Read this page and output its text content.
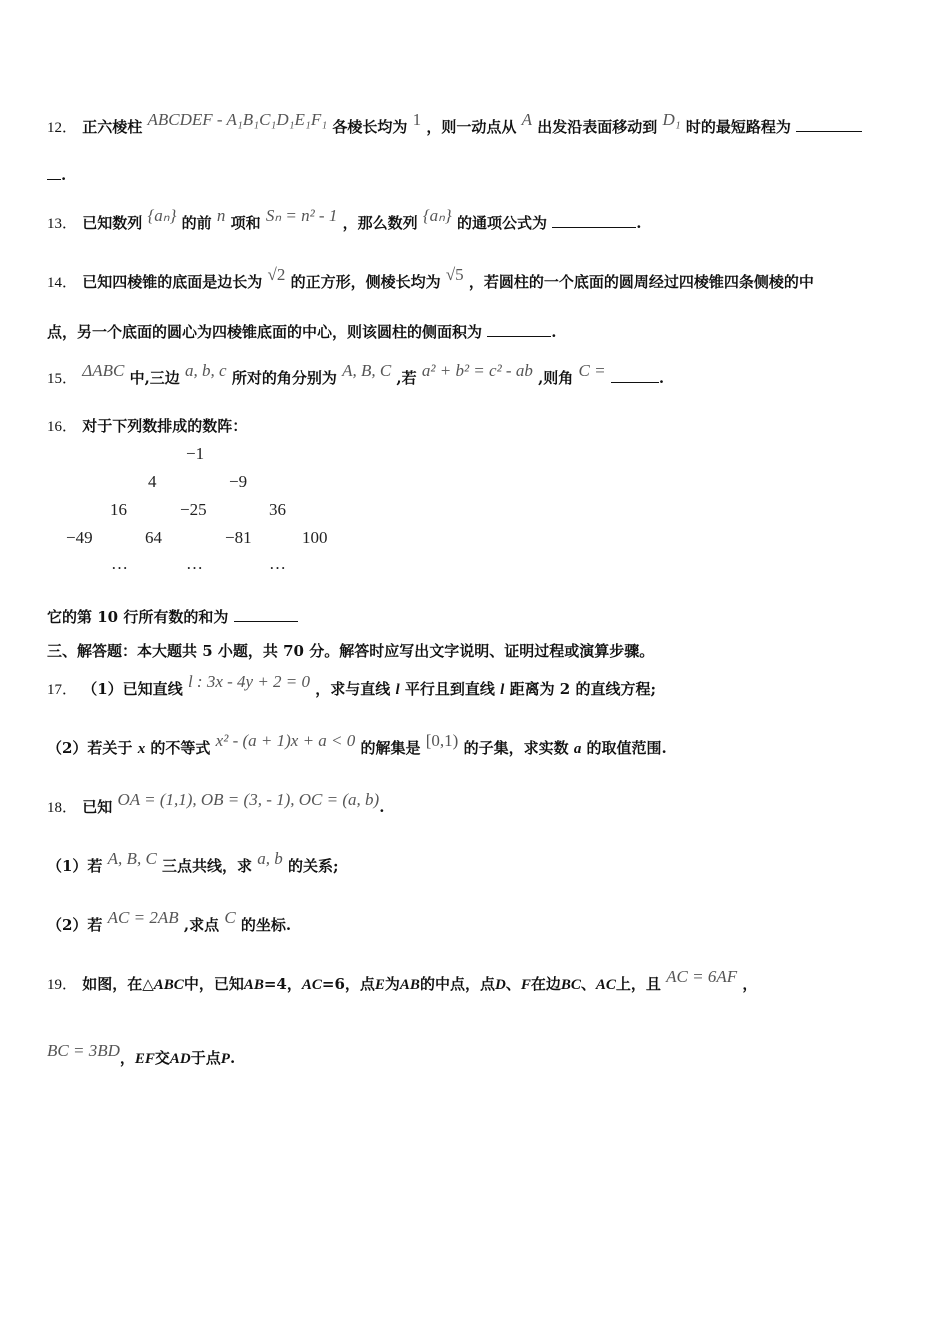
12． 正六棱柱 ABCDEF - A₁B₁C₁D₁E₁F₁ 各棱长均为 1 ，则一动点从 A 出发沿表面移动到 D₁ 时的最短路程为
.
13． 已知数列 {aₙ} 的前 n 项和 Sₙ = n² - 1 ，那么数列 {aₙ} 的通项公式为	.
14． 已知四棱锥的底面是边长为 √2 的正方形，侧棱长均为 √5 ，若圆柱的一个底面的圆周经过四棱锥四条侧棱的中
点，另一个底面的圆心为四棱锥底面的中心，则该圆柱的侧面积为	.
15． ΔABC 中,三边 a, b, c 所对的角分别为 A, B, C ,若 a² + b² = c² - ab ,则角 C =	.
16． 对于下列数排成的数阵：
−1
4	−9
16	−25	36
−49	64	−81	100
…	…	…
它的第 10 行所有数的和为
三、解答题：本大题共 5 小题，共 70 分。解答时应写出文字说明、证明过程或演算步骤。
17． （1）已知直线 l : 3x - 4y + 2 = 0 ，求与直线 l 平行且到直线 l 距离为 2 的直线方程;
（2）若关于 x 的不等式 x² - (a + 1)x + a < 0 的解集是 [0,1) 的子集，求实数 a 的取值范围.
18． 已知 OA = (1,1), OB = (3, - 1), OC = (a, b).
（1）若 A, B, C 三点共线，求 a, b 的关系;
（2）若 AC = 2AB ,求点 C 的坐标.
19． 如图，在△ABC中，已知AB=4，AC=6，点E为AB的中点，点D、F在边BC、AC上，且 AC = 6AF ，
BC = 3BD，EF交AD于点P.
